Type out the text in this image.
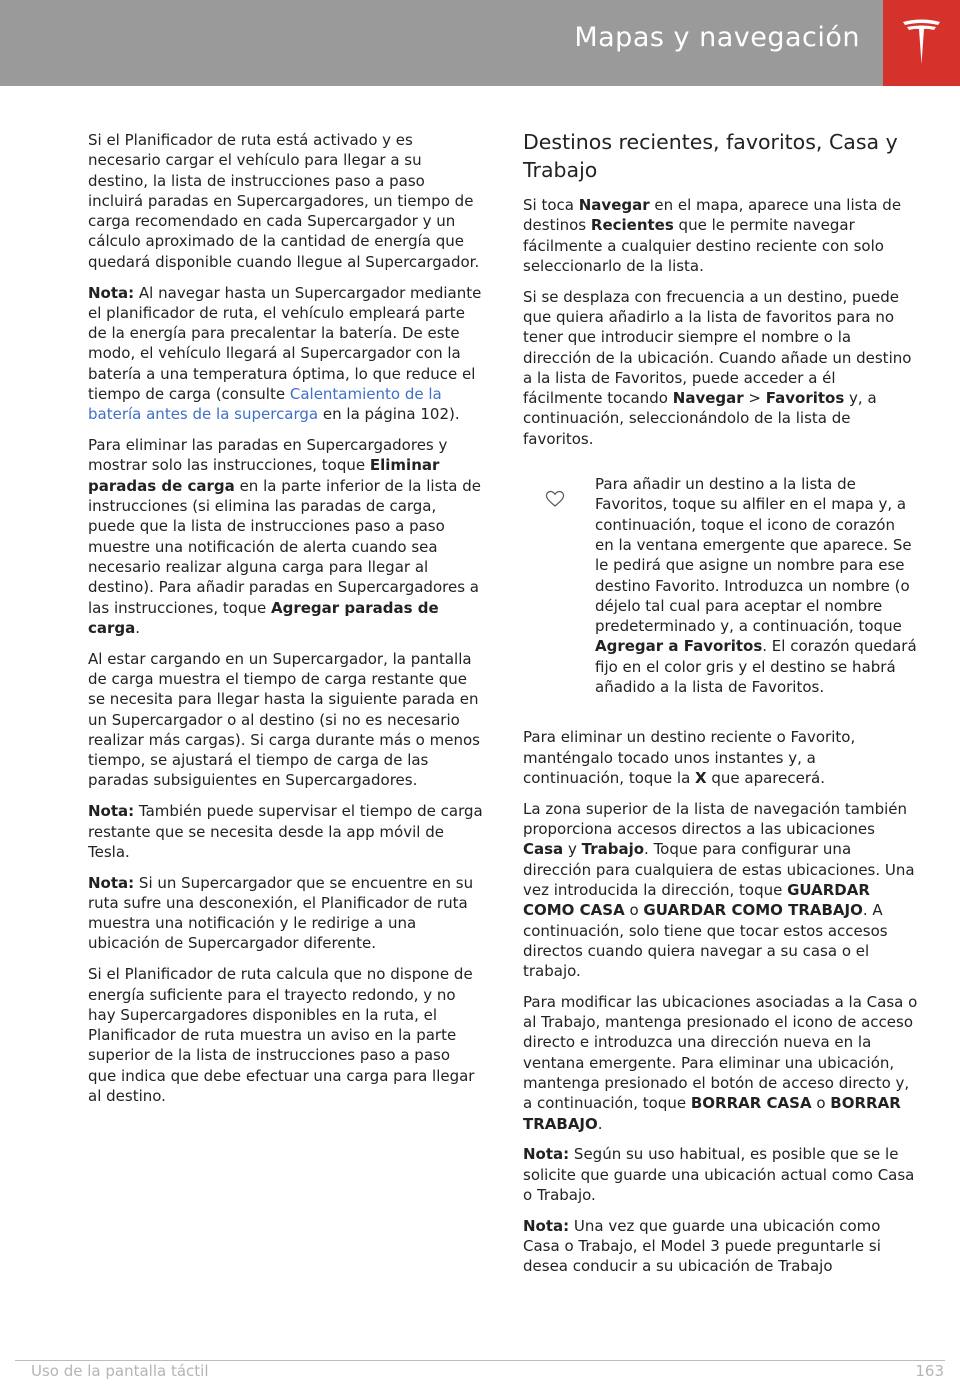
Mapas y navegación

Si el Planificador de ruta está activado y es necesario cargar el vehículo para llegar a su destino, la lista de instrucciones paso a paso incluirá paradas en Supercargadores, un tiempo de carga recomendado en cada Supercargador y un cálculo aproximado de la cantidad de energía que quedará disponible cuando llegue al Supercargador.

Nota: Al navegar hasta un Supercargador mediante el planificador de ruta, el vehículo empleará parte de la energía para precalentar la batería. De este modo, el vehículo llegará al Supercargador con la batería a una temperatura óptima, lo que reduce el tiempo de carga (consulte Calentamiento de la batería antes de la supercarga en la página 102).

Para eliminar las paradas en Supercargadores y mostrar solo las instrucciones, toque Eliminar paradas de carga en la parte inferior de la lista de instrucciones (si elimina las paradas de carga, puede que la lista de instrucciones paso a paso muestre una notificación de alerta cuando sea necesario realizar alguna carga para llegar al destino). Para añadir paradas en Supercargadores a las instrucciones, toque Agregar paradas de carga.

Al estar cargando en un Supercargador, la pantalla de carga muestra el tiempo de carga restante que se necesita para llegar hasta la siguiente parada en un Supercargador o al destino (si no es necesario realizar más cargas). Si carga durante más o menos tiempo, se ajustará el tiempo de carga de las paradas subsiguientes en Supercargadores.

Nota: También puede supervisar el tiempo de carga restante que se necesita desde la app móvil de Tesla.

Nota: Si un Supercargador que se encuentre en su ruta sufre una desconexión, el Planificador de ruta muestra una notificación y le redirige a una ubicación de Supercargador diferente.

Si el Planificador de ruta calcula que no dispone de energía suficiente para el trayecto redondo, y no hay Supercargadores disponibles en la ruta, el Planificador de ruta muestra un aviso en la parte superior de la lista de instrucciones paso a paso que indica que debe efectuar una carga para llegar al destino.

Destinos recientes, favoritos, Casa y Trabajo

Si toca Navegar en el mapa, aparece una lista de destinos Recientes que le permite navegar fácilmente a cualquier destino reciente con solo seleccionarlo de la lista.

Si se desplaza con frecuencia a un destino, puede que quiera añadirlo a la lista de favoritos para no tener que introducir siempre el nombre o la dirección de la ubicación. Cuando añade un destino a la lista de Favoritos, puede acceder a él fácilmente tocando Navegar > Favoritos y, a continuación, seleccionándolo de la lista de favoritos.

Para añadir un destino a la lista de Favoritos, toque su alfiler en el mapa y, a continuación, toque el icono de corazón en la ventana emergente que aparece. Se le pedirá que asigne un nombre para ese destino Favorito. Introduzca un nombre (o déjelo tal cual para aceptar el nombre predeterminado y, a continuación, toque Agregar a Favoritos. El corazón quedará fijo en el color gris y el destino se habrá añadido a la lista de Favoritos.

Para eliminar un destino reciente o Favorito, manténgalo tocado unos instantes y, a continuación, toque la X que aparecerá.

La zona superior de la lista de navegación también proporciona accesos directos a las ubicaciones Casa y Trabajo. Toque para configurar una dirección para cualquiera de estas ubicaciones. Una vez introducida la dirección, toque GUARDAR COMO CASA o GUARDAR COMO TRABAJO. A continuación, solo tiene que tocar estos accesos directos cuando quiera navegar a su casa o el trabajo.

Para modificar las ubicaciones asociadas a la Casa o al Trabajo, mantenga presionado el icono de acceso directo e introduzca una dirección nueva en la ventana emergente. Para eliminar una ubicación, mantenga presionado el botón de acceso directo y, a continuación, toque BORRAR CASA o BORRAR TRABAJO.

Nota: Según su uso habitual, es posible que se le solicite que guarde una ubicación actual como Casa o Trabajo.

Nota: Una vez que guarde una ubicación como Casa o Trabajo, el Model 3 puede preguntarle si desea conducir a su ubicación de Trabajo

Uso de la pantalla táctil	163
